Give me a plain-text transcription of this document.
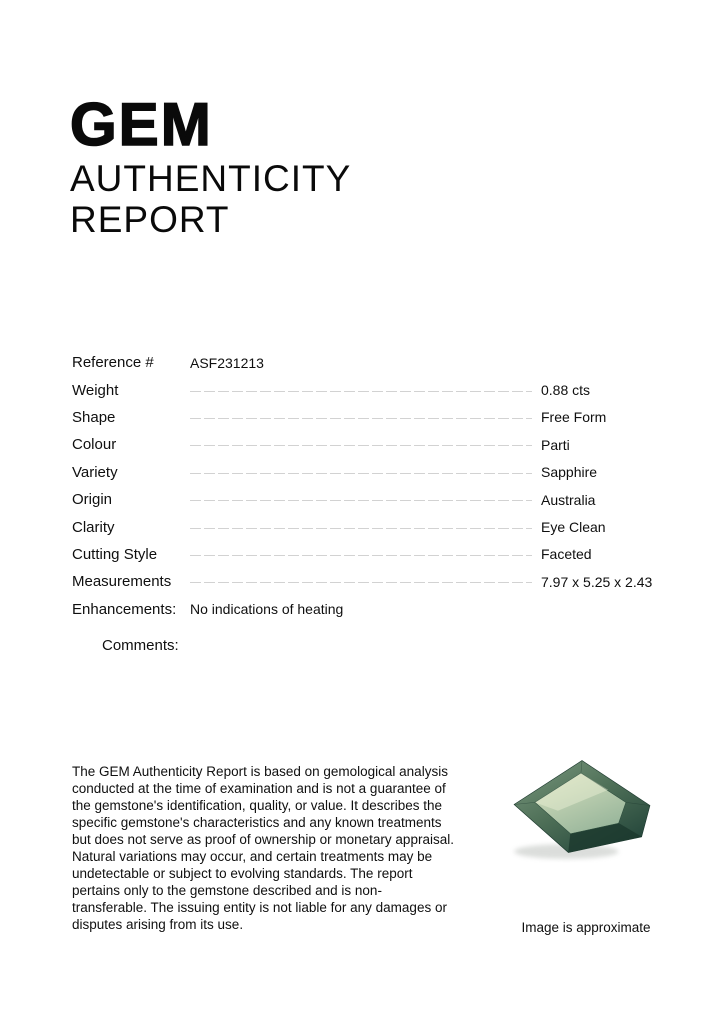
GEM
AUTHENTICITY
REPORT
Reference #	ASF231213
Weight	0.88 cts
Shape	Free Form
Colour	Parti
Variety	Sapphire
Origin	Australia
Clarity	Eye Clean
Cutting Style	Faceted
Measurements	7.97 x 5.25 x 2.43
Enhancements: No indications of heating
Comments:

The GEM Authenticity Report is based on gemological analysis conducted at the time of examination and is not a guarantee of the gemstone's identification, quality, or value. It describes the specific gemstone's characteristics and any known treatments but does not serve as proof of ownership or monetary appraisal. Natural variations may occur, and certain treatments may be undetectable or subject to evolving standards. The report pertains only to the gemstone described and is non-transferable. The issuing entity is not liable for any damages or disputes arising from its use.	Image is approximate
